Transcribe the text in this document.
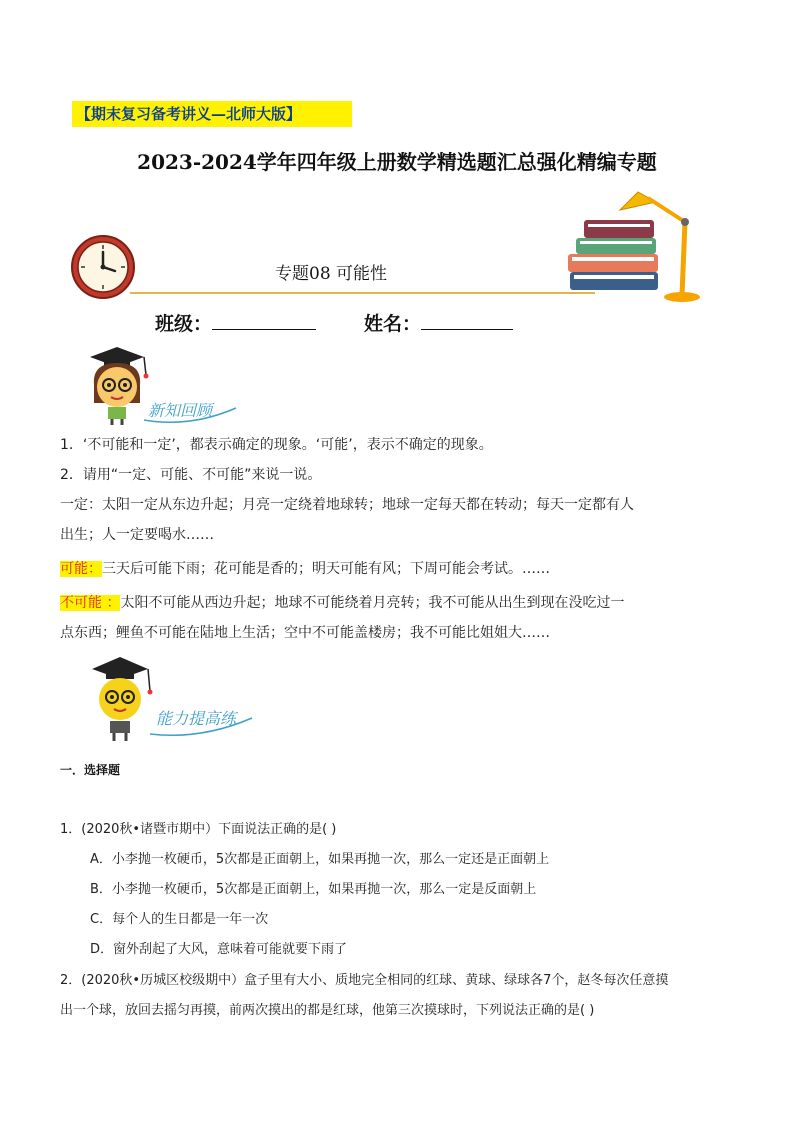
【期末复习备考讲义—北师大版】
2023-2024学年四年级上册数学精选题汇总强化精编专题
专题08 可能性
班级：	姓名：
新知回顾
1．‘不可能和一定’，都表示确定的现象。‘可能’，表示不确定的现象。
2．请用“一定、可能、不可能”来说一说。
一定：太阳一定从东边升起；月亮一定绕着地球转；地球一定每天都在转动；每天一定都有人
出生；人一定要喝水……
可能：三天后可能下雨；花可能是香的；明天可能有风；下周可能会考试。……
不可能 ：太阳不可能从西边升起；地球不可能绕着月亮转；我不可能从出生到现在没吃过一
点东西；鲤鱼不可能在陆地上生活；空中不可能盖楼房；我不可能比姐姐大……
能力提高练
一．选择题
1．(2020秋•诸暨市期中）下面说法正确的是( )
A．小李抛一枚硬币，5次都是正面朝上，如果再抛一次，那么一定还是正面朝上
B．小李抛一枚硬币，5次都是正面朝上，如果再抛一次，那么一定是反面朝上
C．每个人的生日都是一年一次
D．窗外刮起了大风，意味着可能就要下雨了
2．(2020秋•历城区校级期中）盒子里有大小、质地完全相同的红球、黄球、绿球各7个，赵冬每次任意摸
出一个球，放回去摇匀再摸，前两次摸出的都是红球，他第三次摸球时，下列说法正确的是( )
